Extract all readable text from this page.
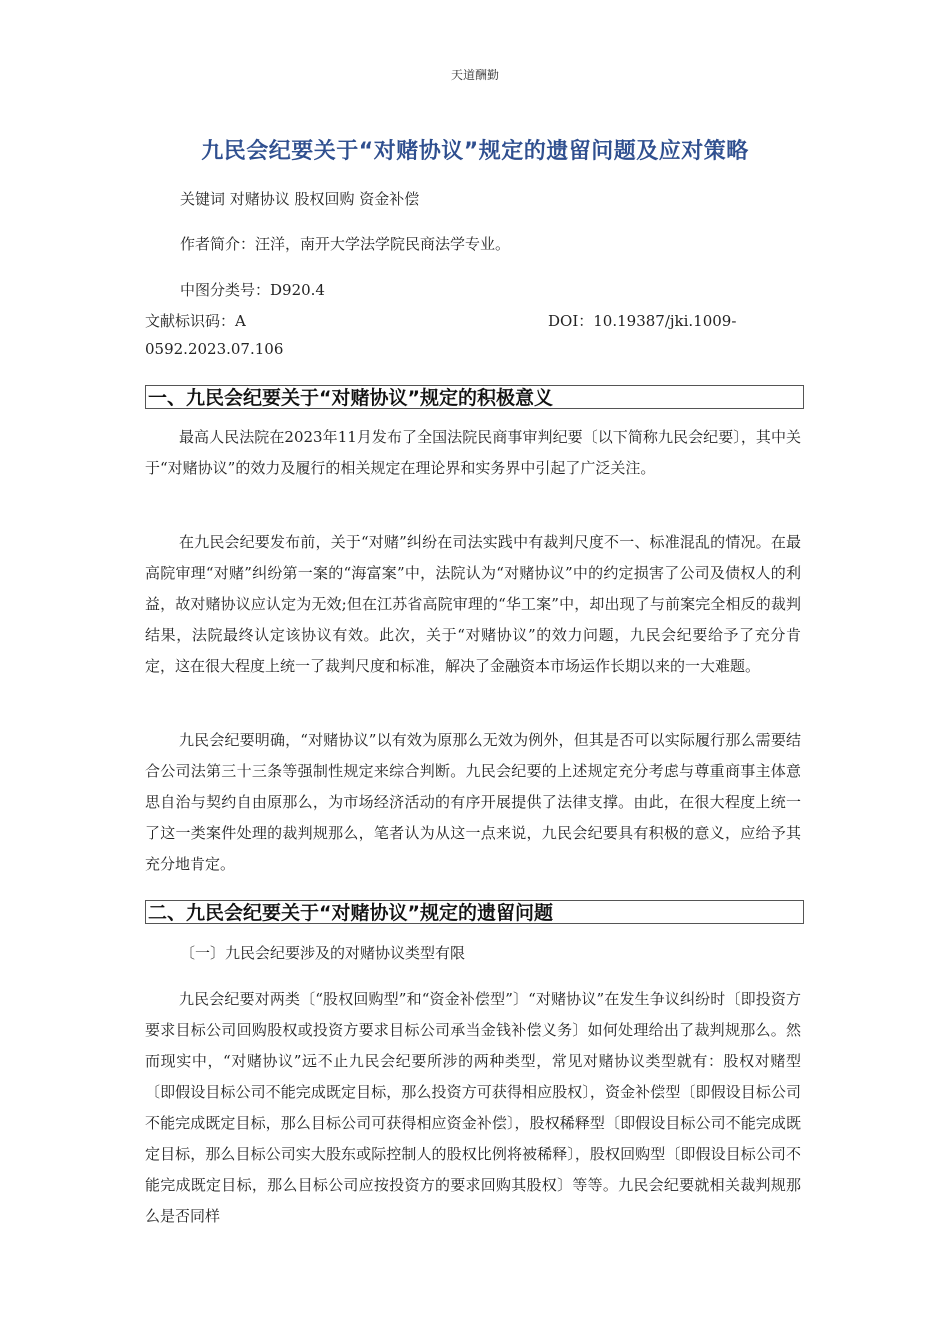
天道酬勤
九民会纪要关于“对赌协议”规定的遗留问题及应对策略
关键词 对赌协议 股权回购 资金补偿
作者简介：汪洋，南开大学法学院民商法学专业。
中图分类号：D920.4
文献标识码：A	DOI：10.19387/jki.1009-
0592.2023.07.106
一、九民会纪要关于“对赌协议”规定的积极意义

最高人民法院在2023年11月发布了全国法院民商事审判纪要〔以下简称九民会纪要〕，其中关于“对赌协议”的效力及履行的相关规定在理论界和实务界中引起了广泛关注。

在九民会纪要发布前，关于“对赌”纠纷在司法实践中有裁判尺度不一、标准混乱的情况。在最高院审理“对赌”纠纷第一案的“海富案”中，法院认为“对赌协议”中的约定损害了公司及债权人的利益，故对赌协议应认定为无效;但在江苏省高院审理的“华工案”中，却出现了与前案完全相反的裁判结果，法院最终认定该协议有效。此次，关于“对赌协议”的效力问题，九民会纪要给予了充分肯定，这在很大程度上统一了裁判尺度和标准，解决了金融资本市场运作长期以来的一大难题。

九民会纪要明确，“对赌协议”以有效为原那么无效为例外，但其是否可以实际履行那么需要结合公司法第三十三条等强制性规定来综合判断。九民会纪要的上述规定充分考虑与尊重商事主体意思自治与契约自由原那么，为市场经济活动的有序开展提供了法律支撑。由此，在很大程度上统一了这一类案件处理的裁判规那么，笔者认为从这一点来说，九民会纪要具有积极的意义，应给予其充分地肯定。

二、九民会纪要关于“对赌协议”规定的遗留问题
〔一〕九民会纪要涉及的对赌协议类型有限

九民会纪要对两类〔“股权回购型”和“资金补偿型”〕“对赌协议”在发生争议纠纷时〔即投资方要求目标公司回购股权或投资方要求目标公司承当金钱补偿义务〕如何处理给出了裁判规那么。然而现实中，“对赌协议”远不止九民会纪要所涉的两种类型，常见对赌协议类型就有：股权对赌型〔即假设目标公司不能完成既定目标，那么投资方可获得相应股权〕，资金补偿型〔即假设目标公司不能完成既定目标，那么目标公司可获得相应资金补偿〕，股权稀释型〔即假设目标公司不能完成既定目标，那么目标公司实大股东或际控制人的股权比例将被稀释〕，股权回购型〔即假设目标公司不能完成既定目标，那么目标公司应按投资方的要求回购其股权〕等等。九民会纪要就相关裁判规那么是否同样
